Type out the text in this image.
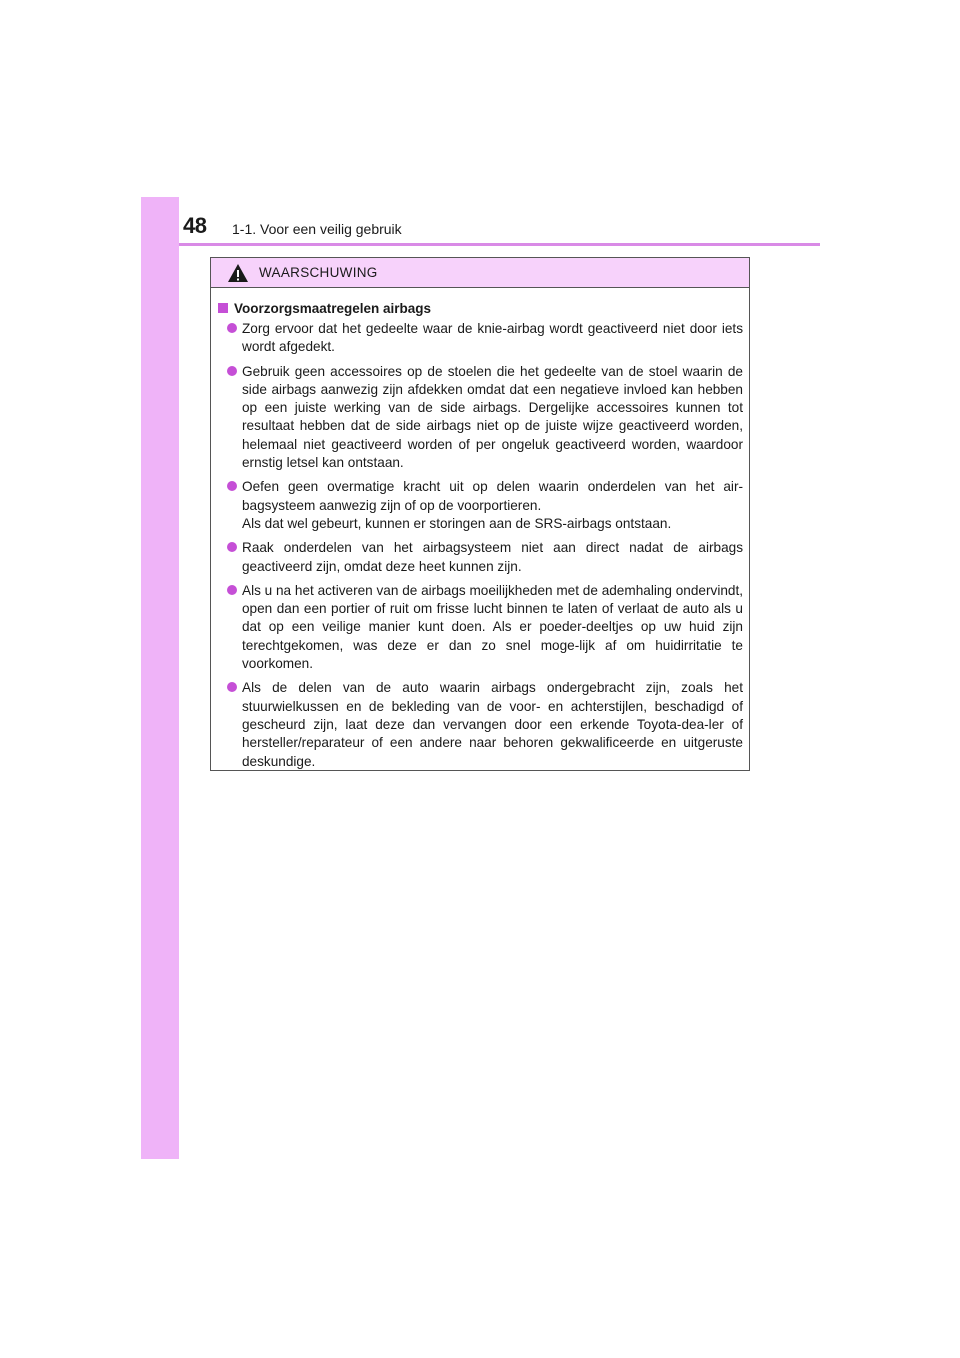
48 1-1. Voor een veilig gebruik
WAARSCHUWING
Voorzorgsmaatregelen airbags
Zorg ervoor dat het gedeelte waar de knie-airbag wordt geactiveerd niet door iets wordt afgedekt.
Gebruik geen accessoires op de stoelen die het gedeelte van de stoel waarin de side airbags aanwezig zijn afdekken omdat dat een negatieve invloed kan hebben op een juiste werking van de side airbags. Dergelijke accessoires kunnen tot resultaat hebben dat de side airbags niet op de juiste wijze geactiveerd worden, helemaal niet geactiveerd worden of per ongeluk geactiveerd worden, waardoor ernstig letsel kan ontstaan.
Oefen geen overmatige kracht uit op delen waarin onderdelen van het air-bagsysteem aanwezig zijn of op de voorportieren.
Als dat wel gebeurt, kunnen er storingen aan de SRS-airbags ontstaan.
Raak onderdelen van het airbagsysteem niet aan direct nadat de airbags geactiveerd zijn, omdat deze heet kunnen zijn.
Als u na het activeren van de airbags moeilijkheden met de ademhaling ondervindt, open dan een portier of ruit om frisse lucht binnen te laten of verlaat de auto als u dat op een veilige manier kunt doen. Als er poeder-deeltjes op uw huid zijn terechtgekomen, was deze er dan zo snel moge-lijk af om huidirritatie te voorkomen.
Als de delen van de auto waarin airbags ondergebracht zijn, zoals het stuurwielkussen en de bekleding van de voor- en achterstijlen, beschadigd of gescheurd zijn, laat deze dan vervangen door een erkende Toyota-dea-ler of hersteller/reparateur of een andere naar behoren gekwalificeerde en uitgeruste deskundige.
